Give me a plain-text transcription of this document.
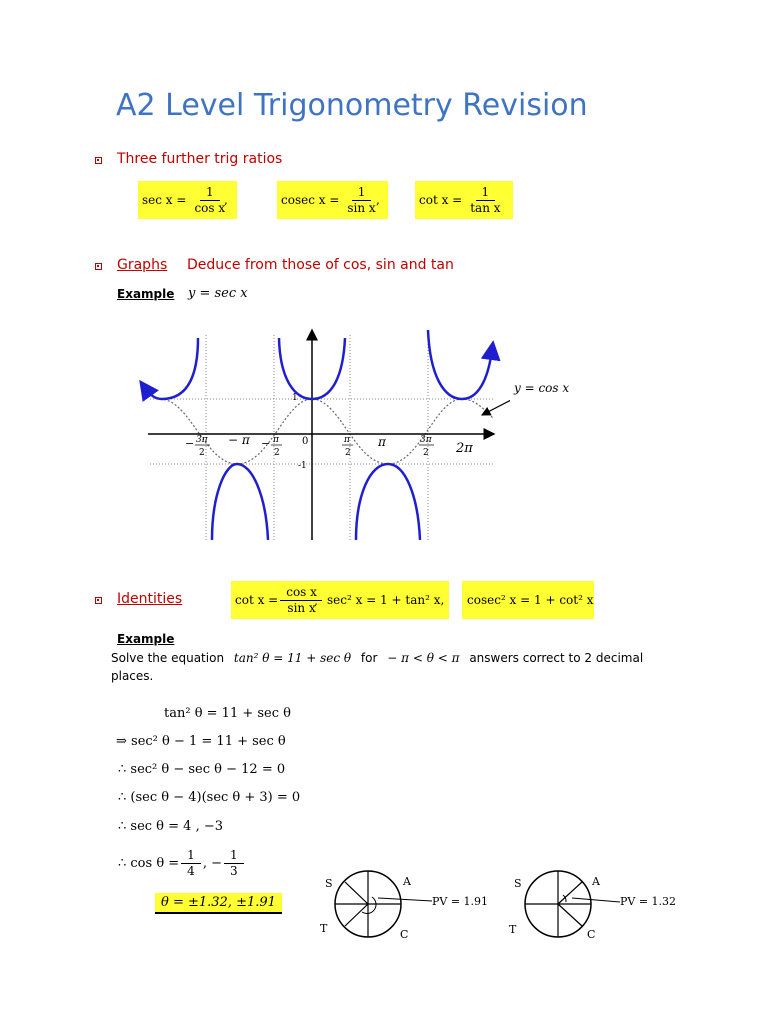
A2 Level Trigonometry Revision
Three further trig ratios
$\sec x = \frac{1}{\text{cos x}}$
,	cosec $x = \frac{1}{\text{sin x}}$
,	$\cot x = \frac{1}{\text{tan x}}$
Graphs Deduce from those of cos, sin and tan
Example y = sec x
1
-1
0
− 3π
2
− π − π
2
π
2
π	3π
2 2π
y = cos x
Identities	$\cot x = \frac{\text{cos x}}{\text{sin x}}$
, sec² x = 1 + tan² x,	cosec² x = 1 + cot² x
Example
Solve the equation tan² θ = 11 + sec θ for − π < θ < π answers correct to 2 decimal
places.
tan² θ = 11 + sec θ
⇒ sec² θ − 1 = 11 + sec θ
∴ sec² θ − sec θ − 12 = 0
∴ (sec θ − 4)(sec θ + 3) = 0
∴ sec θ = 4 , −3
∴ $\cos \theta = \frac{1}{4}$ , − $\frac{1}{3}$
θ = ±1.32, ±1.91
S	A
T	C
PV = 1.91
S	A
T	C
PV = 1.32
